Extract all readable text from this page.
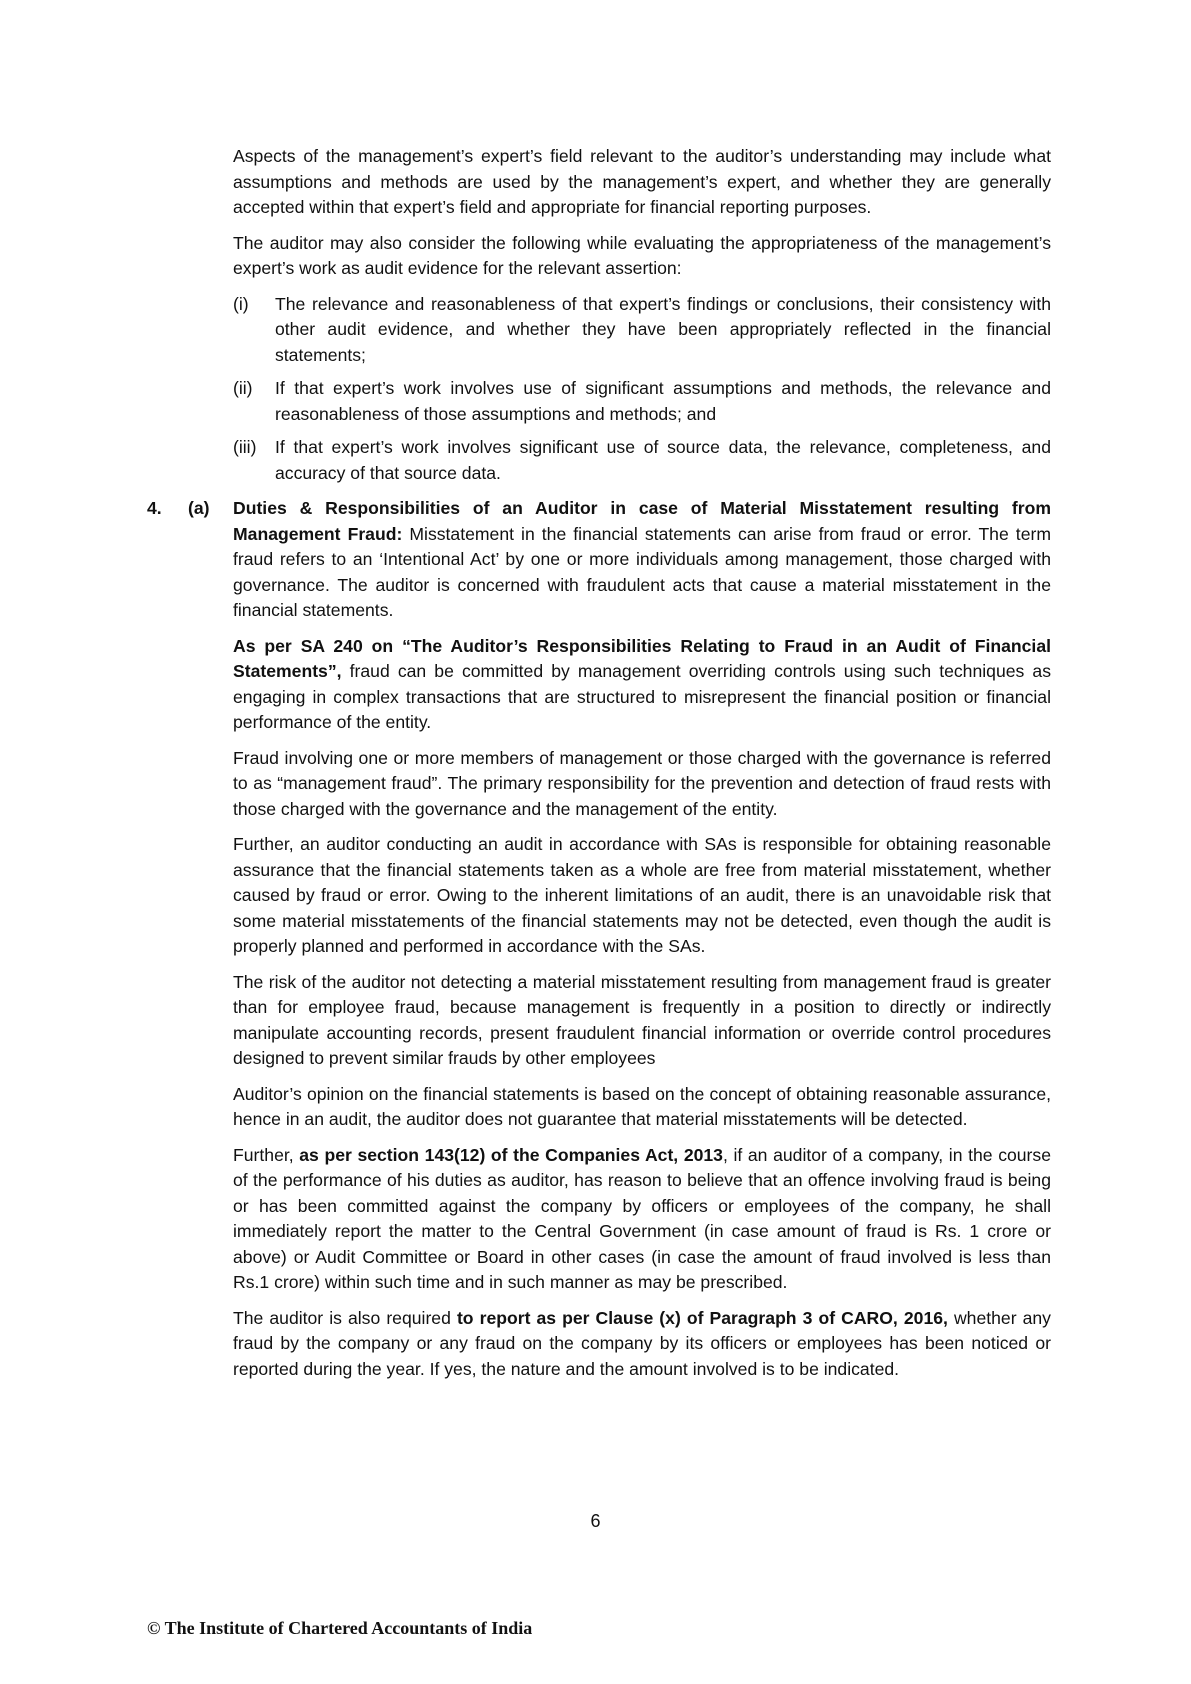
Aspects of the management’s expert’s field relevant to the auditor’s understanding may include what assumptions and methods are used by the management’s expert, and whether they are generally accepted within that expert’s field and appropriate for financial reporting purposes.

The auditor may also consider the following while evaluating the appropriateness of the management’s expert’s work as audit evidence for the relevant assertion:

(i) The relevance and reasonableness of that expert’s findings or conclusions, their consistency with other audit evidence, and whether they have been appropriately reflected in the financial statements;
(ii) If that expert’s work involves use of significant assumptions and methods, the relevance and reasonableness of those assumptions and methods; and
(iii) If that expert’s work involves significant use of source data, the relevance, completeness, and accuracy of that source data.
4. (a) Duties & Responsibilities of an Auditor in case of Material Misstatement resulting from Management Fraud: Misstatement in the financial statements can arise from fraud or error. The term fraud refers to an ‘Intentional Act’ by one or more individuals among management, those charged with governance. The auditor is concerned with fraudulent acts that cause a material misstatement in the financial statements.

As per SA 240 on “The Auditor’s Responsibilities Relating to Fraud in an Audit of Financial Statements”, fraud can be committed by management overriding controls using such techniques as engaging in complex transactions that are structured to misrepresent the financial position or financial performance of the entity.

Fraud involving one or more members of management or those charged with the governance is referred to as “management fraud”. The primary responsibility for the prevention and detection of fraud rests with those charged with the governance and the management of the entity.

Further, an auditor conducting an audit in accordance with SAs is responsible for obtaining reasonable assurance that the financial statements taken as a whole are free from material misstatement, whether caused by fraud or error. Owing to the inherent limitations of an audit, there is an unavoidable risk that some material misstatements of the financial statements may not be detected, even though the audit is properly planned and performed in accordance with the SAs.

The risk of the auditor not detecting a material misstatement resulting from management fraud is greater than for employee fraud, because management is frequently in a position to directly or indirectly manipulate accounting records, present fraudulent financial information or override control procedures designed to prevent similar frauds by other employees

Auditor’s opinion on the financial statements is based on the concept of obtaining reasonable assurance, hence in an audit, the auditor does not guarantee that material misstatements will be detected.

Further, as per section 143(12) of the Companies Act, 2013, if an auditor of a company, in the course of the performance of his duties as auditor, has reason to believe that an offence involving fraud is being or has been committed against the company by officers or employees of the company, he shall immediately report the matter to the Central Government (in case amount of fraud is Rs. 1 crore or above) or Audit Committee or Board in other cases (in case the amount of fraud involved is less than Rs.1 crore) within such time and in such manner as may be prescribed.

The auditor is also required to report as per Clause (x) of Paragraph 3 of CARO, 2016, whether any fraud by the company or any fraud on the company by its officers or employees has been noticed or reported during the year. If yes, the nature and the amount involved is to be indicated.

6
© The Institute of Chartered Accountants of India
